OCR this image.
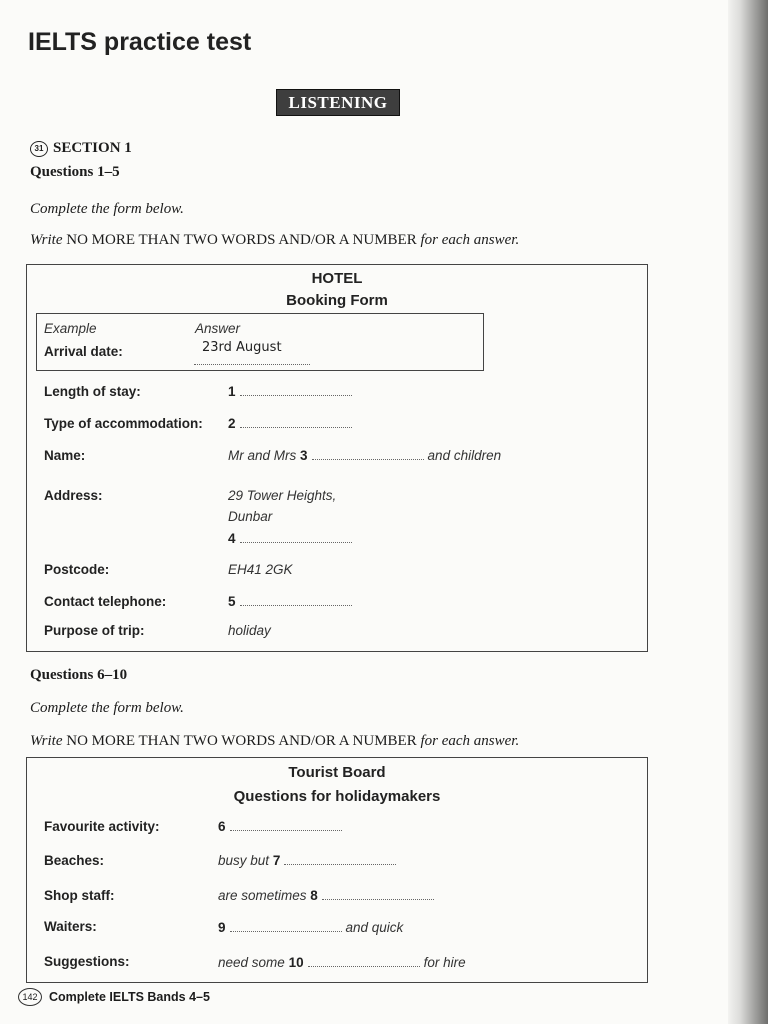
IELTS practice test
LISTENING
31 SECTION 1
Questions 1–5
Complete the form below.
Write NO MORE THAN TWO WORDS AND/OR A NUMBER for each answer.
HOTEL
Booking Form
Example	Answer
Arrival date:	23rd August
Length of stay:	1
Type of accommodation: 2
Name:	Mr and Mrs 3	and children
Address:	29 Tower Heights,
Dunbar
4
Postcode:	EH41 2GK
Contact telephone:	5
Purpose of trip:	holiday
Questions 6–10
Complete the form below.
Write NO MORE THAN TWO WORDS AND/OR A NUMBER for each answer.
Tourist Board
Questions for holidaymakers
Favourite activity:	6
Beaches:	busy but 7
Shop staff:	are sometimes 8
Waiters:	9	and quick
Suggestions:	need some 10	for hire
142 Complete IELTS Bands 4–5
